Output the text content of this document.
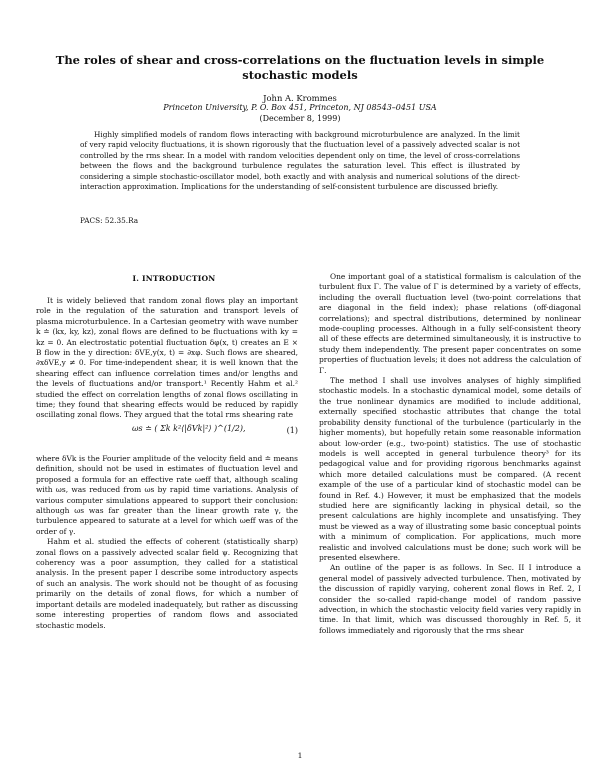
The roles of shear and cross-correlations on the fluctuation levels in simple stochastic models
John A. Krommes
Princeton University, P. O. Box 451, Princeton, NJ 08543–0451 USA
(December 8, 1999)
Highly simplified models of random flows interacting with background microturbulence are analyzed. In the limit of very rapid velocity fluctuations, it is shown rigorously that the fluctuation level of a passively advected scalar is not controlled by the rms shear. In a model with random velocities dependent only on time, the level of cross-correlations between the flows and the background turbulence regulates the saturation level. This effect is illustrated by considering a simple stochastic-oscillator model, both exactly and with analysis and numerical solutions of the direct-interaction approximation. Implications for the understanding of self-consistent turbulence are discussed briefly.
PACS: 52.35.Ra
I. INTRODUCTION

It is widely believed that random zonal flows play an important role in the regulation of the saturation and transport levels of plasma microturbulence. In a Cartesian geometry with wave number k ≐ (kx, ky, kz), zonal flows are defined to be fluctuations with ky = kz = 0. An electrostatic potential fluctuation δφ(x, t) creates an E × B flow in the y direction: δVE,y(x, t) = ∂xφ. Such flows are sheared, ∂xδVE,y ≠ 0. For time-independent shear, it is well known that the shearing effect can influence correlation times and/or lengths and the levels of fluctuations and/or transport.¹ Recently Hahm et al.² studied the effect on correlation lengths of zonal flows oscillating in time; they found that shearing effects would be reduced by rapidly oscillating zonal flows. They argued that the total rms shearing rate

ωs ≐ ( Σk k²⟨|δVk|²⟩ )^(1/2),	(1)

where δVk is the Fourier amplitude of the velocity field and ≐ means definition, should not be used in estimates of fluctuation level and proposed a formula for an effective rate ωeff that, although scaling with ωs, was reduced from ωs by rapid time variations. Analysis of various computer simulations appeared to support their conclusion: although ωs was far greater than the linear growth rate γ, the turbulence appeared to saturate at a level for which ωeff was of the order of γ.

Hahm et al. studied the effects of coherent (statistically sharp) zonal flows on a passively advected scalar field ψ. Recognizing that coherency was a poor assumption, they called for a statistical analysis. In the present paper I describe some introductory aspects of such an analysis. The work should not be thought of as focusing primarily on the details of zonal flows, for which a number of important details are modeled inadequately, but rather as discussing some interesting properties of random flows and associated stochastic models.

One important goal of a statistical formalism is calculation of the turbulent flux Γ. The value of Γ is determined by a variety of effects, including the overall fluctuation level (two-point correlations that are diagonal in the field index); phase relations (off-diagonal correlations); and spectral distributions, determined by nonlinear mode-coupling processes. Although in a fully self-consistent theory all of these effects are determined simultaneously, it is instructive to study them independently. The present paper concentrates on some properties of fluctuation levels; it does not address the calculation of Γ.

The method I shall use involves analyses of highly simplified stochastic models. In a stochastic dynamical model, some details of the true nonlinear dynamics are modified to include additional, externally specified stochastic attributes that change the total probability density functional of the turbulence (particularly in the higher moments), but hopefully retain some reasonable information about low-order (e.g., two-point) statistics. The use of stochastic models is well accepted in general turbulence theory³ for its pedagogical value and for providing rigorous benchmarks against which more detailed calculations must be compared. (A recent example of the use of a particular kind of stochastic model can be found in Ref. 4.) However, it must be emphasized that the models studied here are significantly lacking in physical detail, so the present calculations are highly incomplete and unsatisfying. They must be viewed as a way of illustrating some basic conceptual points with a minimum of complication. For applications, much more realistic and involved calculations must be done; such work will be presented elsewhere.

An outline of the paper is as follows. In Sec. II I introduce a general model of passively advected turbulence. Then, motivated by the discussion of rapidly varying, coherent zonal flows in Ref. 2, I consider the so-called rapid-change model of random passive advection, in which the stochastic velocity field varies very rapidly in time. In that limit, which was discussed thoroughly in Ref. 5, it follows immediately and rigorously that the rms shear

1
